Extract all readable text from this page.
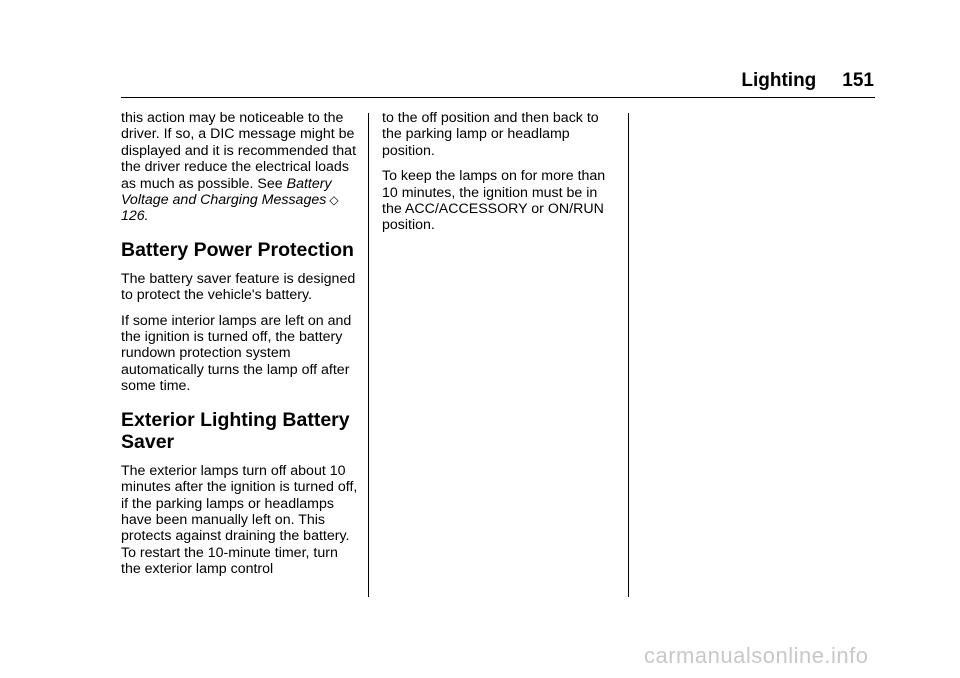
Lighting 151

this action may be noticeable to the driver. If so, a DIC message might be displayed and it is recommended that the driver reduce the electrical loads as much as possible. See Battery Voltage and Charging Messages ◇126.

Battery Power Protection

The battery saver feature is designed to protect the vehicle's battery.

If some interior lamps are left on and the ignition is turned off, the battery rundown protection system automatically turns the lamp off after some time.

Exterior Lighting Battery Saver

The exterior lamps turn off about 10 minutes after the ignition is turned off, if the parking lamps or headlamps have been manually left on. This protects against draining the battery. To restart the 10-minute timer, turn the exterior lamp control

to the off position and then back to the parking lamp or headlamp position.

To keep the lamps on for more than 10 minutes, the ignition must be in the ACC/ACCESSORY or ON/RUN position.

carmanualsonline.info
